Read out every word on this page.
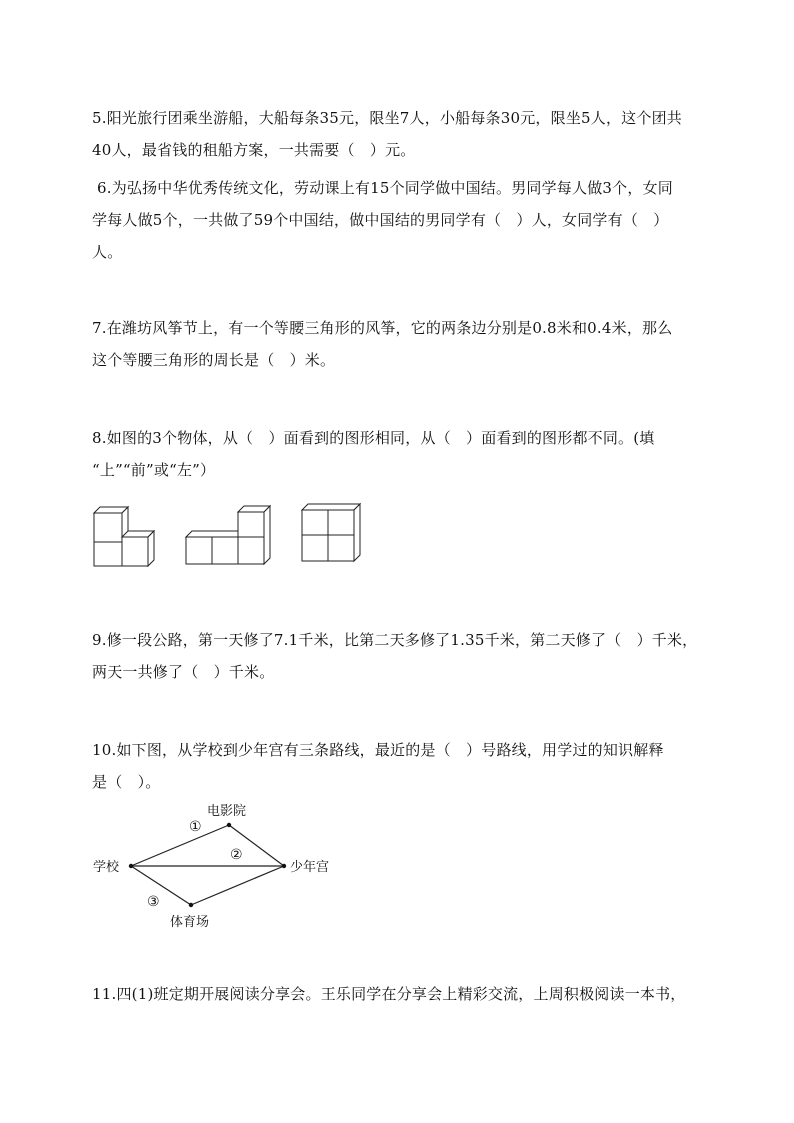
5.阳光旅行团乘坐游船，大船每条35元，限坐7人，小船每条30元，限坐5人，这个团共
40人，最省钱的租船方案，一共需要（　）元。
6.为弘扬中华优秀传统文化，劳动课上有15个同学做中国结。男同学每人做3个，女同
学每人做5个，一共做了59个中国结，做中国结的男同学有（　）人，女同学有（　）
人。
7.在潍坊风筝节上，有一个等腰三角形的风筝，它的两条边分别是0.8米和0.4米，那么
这个等腰三角形的周长是（　）米。
8.如图的3个物体，从（　）面看到的图形相同，从（　）面看到的图形都不同。(填
“上”“前”或“左”）
9.修一段公路，第一天修了7.1千米，比第二天多修了1.35千米，第二天修了（　）千米，
两天一共修了（　）千米。
10.如下图，从学校到少年宫有三条路线，最近的是（　）号路线，用学过的知识解释
是（　）。
学校
电影院
少年宫
体育场
①
②
③
11.四(1)班定期开展阅读分享会。王乐同学在分享会上精彩交流，上周积极阅读一本书，
